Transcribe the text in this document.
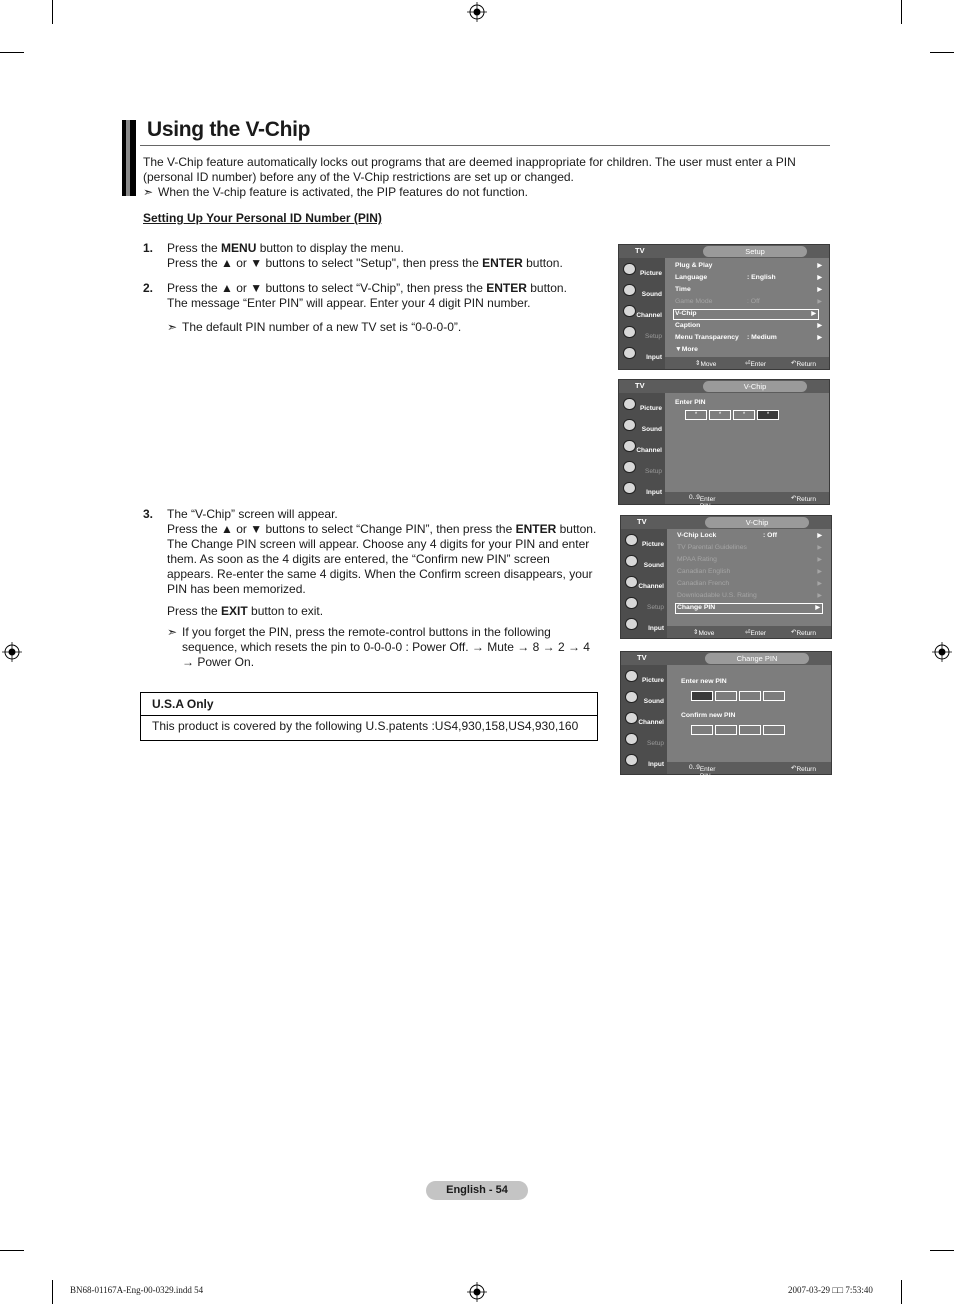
Using the V-Chip

The V-Chip feature automatically locks out programs that are deemed inappropriate for children. The user must enter a PIN (personal ID number) before any of the V-Chip restrictions are set up or changed.

➣ When the V-chip feature is activated, the PIP features do not function.

Setting Up Your Personal ID Number (PIN)
1. Press the MENU button to display the menu.

Press the ▲ or ▼ buttons to select "Setup", then press the ENTER button.

2. Press the ▲ or ▼ buttons to select “V-Chip”, then press the ENTER button.

The message “Enter PIN” will appear. Enter your 4 digit PIN number.

➣ The default PIN number of a new TV set is “0-0-0-0”.

3. The “V-Chip” screen will appear.

Press the ▲ or ▼ buttons to select “Change PIN”, then press the ENTER button. The Change PIN screen will appear. Choose any 4 digits for your PIN and enter them. As soon as the 4 digits are entered, the “Confirm new PIN” screen appears. Re-enter the same 4 digits. When the Confirm screen disappears, your PIN has been memorized.

Press the EXIT button to exit.

➣ If you forget the PIN, press the remote-control buttons in the following sequence, which resets the pin to 0-0-0-0 : Power Off. → Mute → 8 → 2 → 4 → Power On.

U.S.A Only
This product is covered by the following U.S.patents :US4,930,158,US4,930,160
TV	Setup
Picture
Sound
Channel
Setup
Input
Plug & Play	▶
Language	: English	▶
Time	▶
Game Mode	: Off	▶
V-Chip	▶
Caption	▶
Menu Transparency : Medium	▶
▼More
⇕ Move	⏎ Enter	↶ Return
TV	V-Chip
Picture
Sound
Channel
Setup
Input
Enter PIN
*	*	*	*
0..9 Enter PIN
↶ Return
TV	V-Chip
Picture
Sound
Channel
Setup
Input
V-Chip Lock	: Off	▶
TV Parental Guidelines	▶
MPAA Rating	▶
Canadian English	▶
Canadian French	▶
Downloadable U.S. Rating	▶
Change PIN	▶
⇕ Move	⏎ Enter	↶ Return
TV	Change PIN
Picture
Sound
Channel
Setup
Input
Enter new PIN
Confirm new PIN
0..9 Enter PIN
↶ Return
English - 54
BN68-01167A-Eng-00-0329.indd 54	2007-03-29 □□ 7:53:40
